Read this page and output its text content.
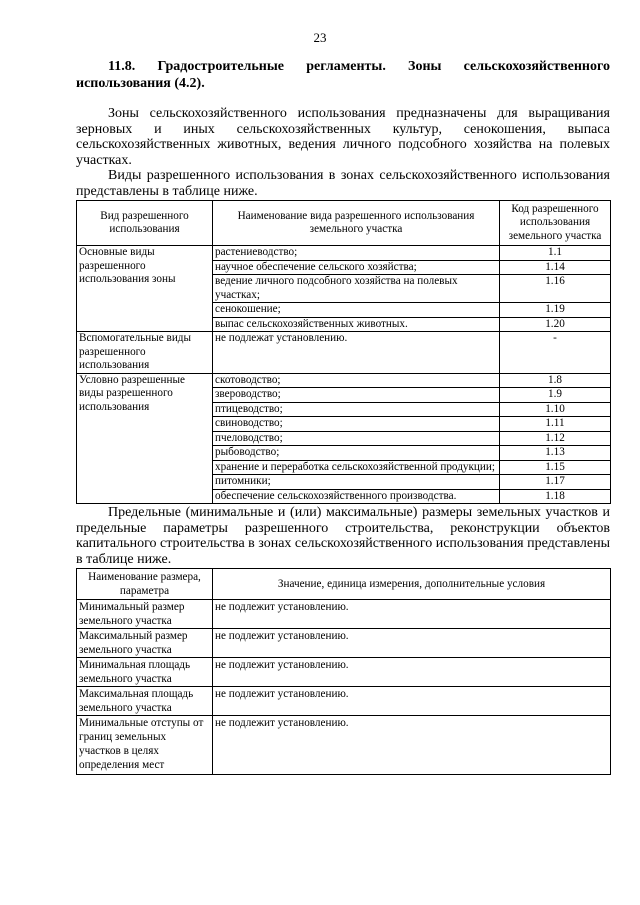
23

11.8. Градостроительные регламенты. Зоны сельскохозяйственного использования (4.2).

Зоны сельскохозяйственного использования предназначены для выращивания зерновых и иных сельскохозяйственных культур, сенокошения, выпаса сельскохозяйственных животных, ведения личного подсобного хозяйства на полевых участках.

Виды разрешенного использования в зонах сельскохозяйственного использования представлены в таблице ниже.

Вид разрешенного использования	Наименование вида разрешенного использования земельного участка	Код разрешенного использования земельного участка
Основные виды разрешенного использования зоны	растениеводство;	1.1
	научное обеспечение сельского хозяйства;	1.14
	ведение личного подсобного хозяйства на полевых участках;	1.16
	сенокошение;	1.19
	выпас сельскохозяйственных животных.	1.20
Вспомогательные виды разрешенного использования	не подлежат установлению.	-
Условно разрешенные виды разрешенного использования	скотоводство;	1.8
	звероводство;	1.9
	птицеводство;	1.10
	свиноводство;	1.11
	пчеловодство;	1.12
	рыбоводство;	1.13
	хранение и переработка сельскохозяйственной продукции;	1.15
	питомники;	1.17
	обеспечение сельскохозяйственного производства.	1.18

Предельные (минимальные и (или) максимальные) размеры земельных участков и предельные параметры разрешенного строительства, реконструкции объектов капитального строительства в зонах сельскохозяйственного использования представлены в таблице ниже.

Наименование размера, параметра	Значение, единица измерения, дополнительные условия
Минимальный размер земельного участка	не подлежит установлению.
Максимальный размер земельного участка	не подлежит установлению.
Минимальная площадь земельного участка	не подлежит установлению.
Максимальная площадь земельного участка	не подлежит установлению.
Минимальные отступы от границ земельных участков в целях определения мест	не подлежит установлению.
